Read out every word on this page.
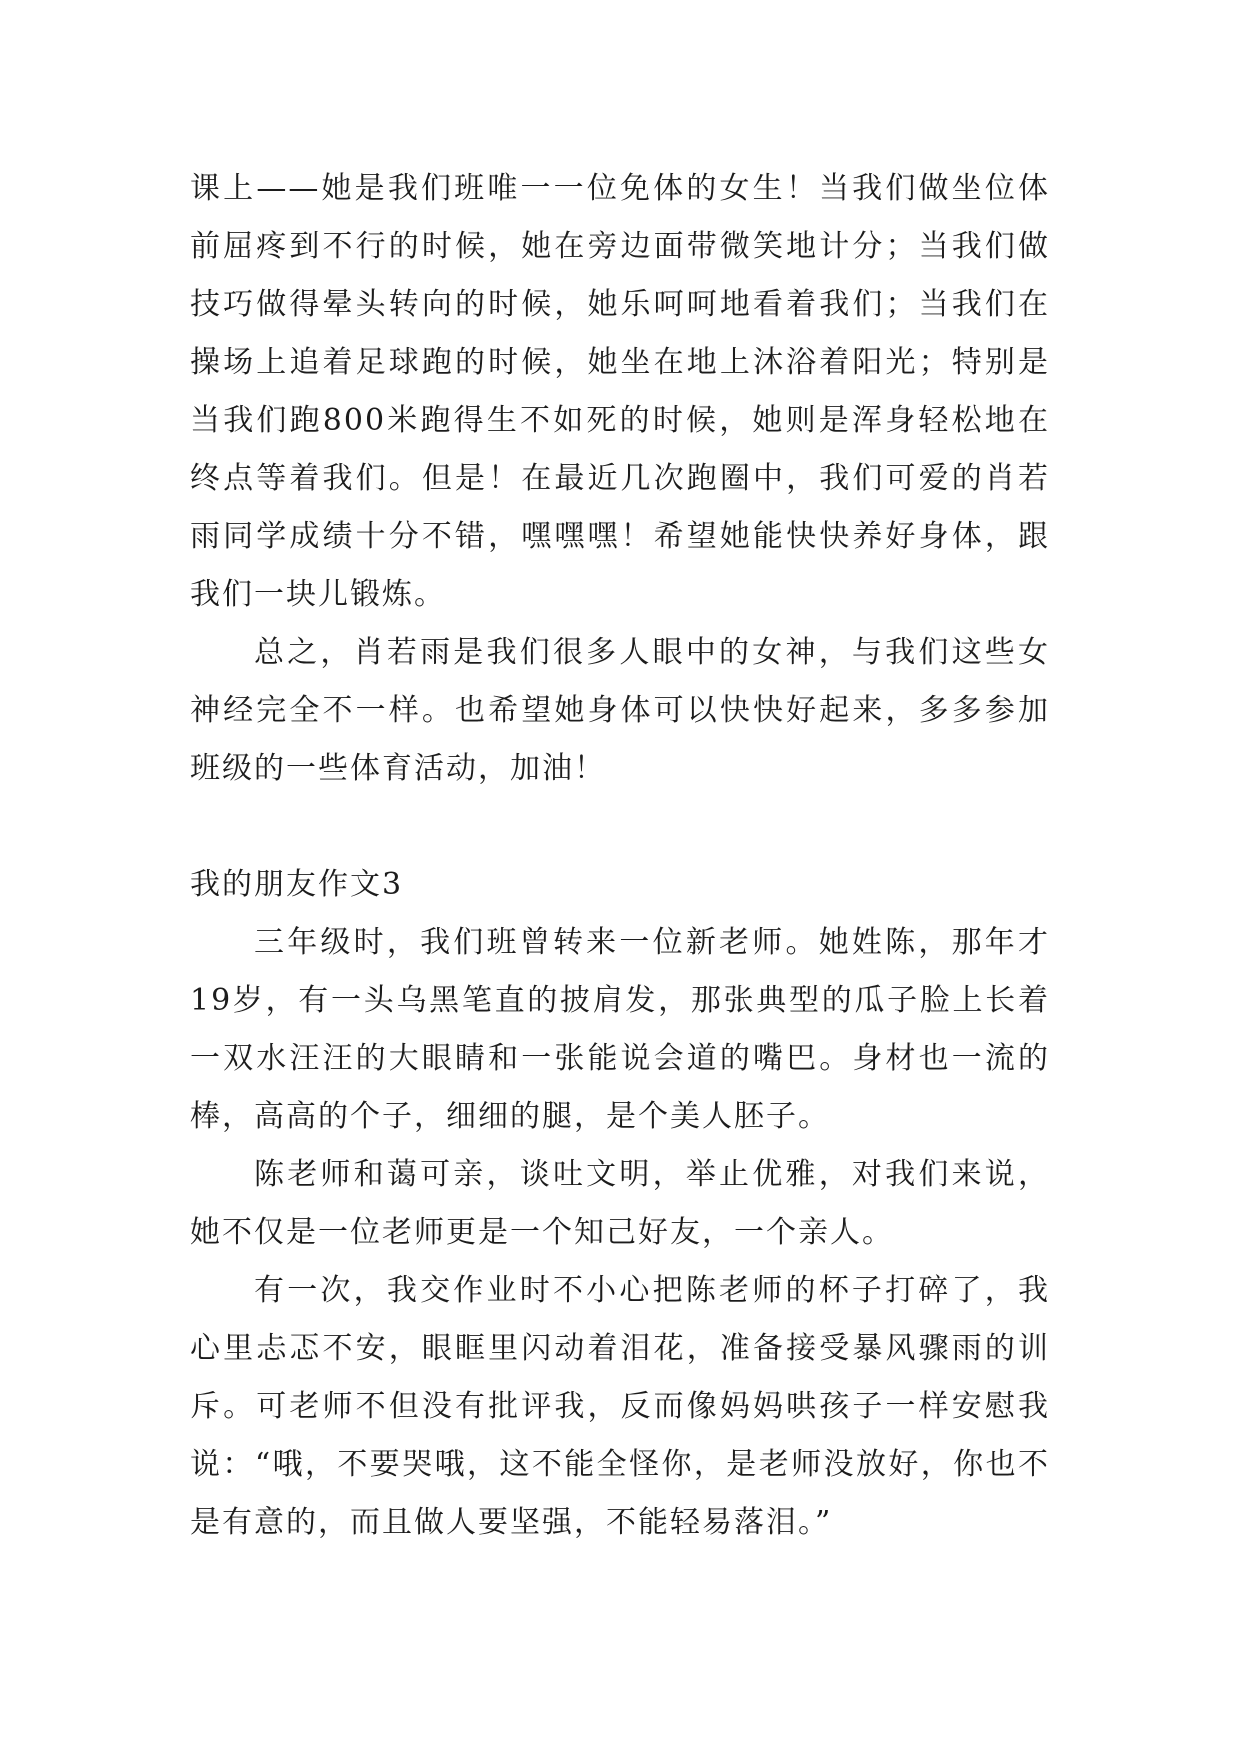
课上——她是我们班唯一一位免体的女生！当我们做坐位体前屈疼到不行的时候，她在旁边面带微笑地计分；当我们做技巧做得晕头转向的时候，她乐呵呵地看着我们；当我们在操场上追着足球跑的时候，她坐在地上沐浴着阳光；特别是当我们跑800米跑得生不如死的时候，她则是浑身轻松地在终点等着我们。但是！在最近几次跑圈中，我们可爱的肖若雨同学成绩十分不错，嘿嘿嘿！希望她能快快养好身体，跟我们一块儿锻炼。

总之，肖若雨是我们很多人眼中的女神，与我们这些女神经完全不一样。也希望她身体可以快快好起来，多多参加班级的一些体育活动，加油！

我的朋友作文3

三年级时，我们班曾转来一位新老师。她姓陈，那年才19岁，有一头乌黑笔直的披肩发，那张典型的瓜子脸上长着一双水汪汪的大眼睛和一张能说会道的嘴巴。身材也一流的棒，高高的个子，细细的腿，是个美人胚子。

陈老师和蔼可亲，谈吐文明，举止优雅，对我们来说，她不仅是一位老师更是一个知己好友，一个亲人。

有一次，我交作业时不小心把陈老师的杯子打碎了，我心里忐忑不安，眼眶里闪动着泪花，准备接受暴风骤雨的训斥。可老师不但没有批评我，反而像妈妈哄孩子一样安慰我说：“哦，不要哭哦，这不能全怪你，是老师没放好，你也不是有意的，而且做人要坚强，不能轻易落泪。”
